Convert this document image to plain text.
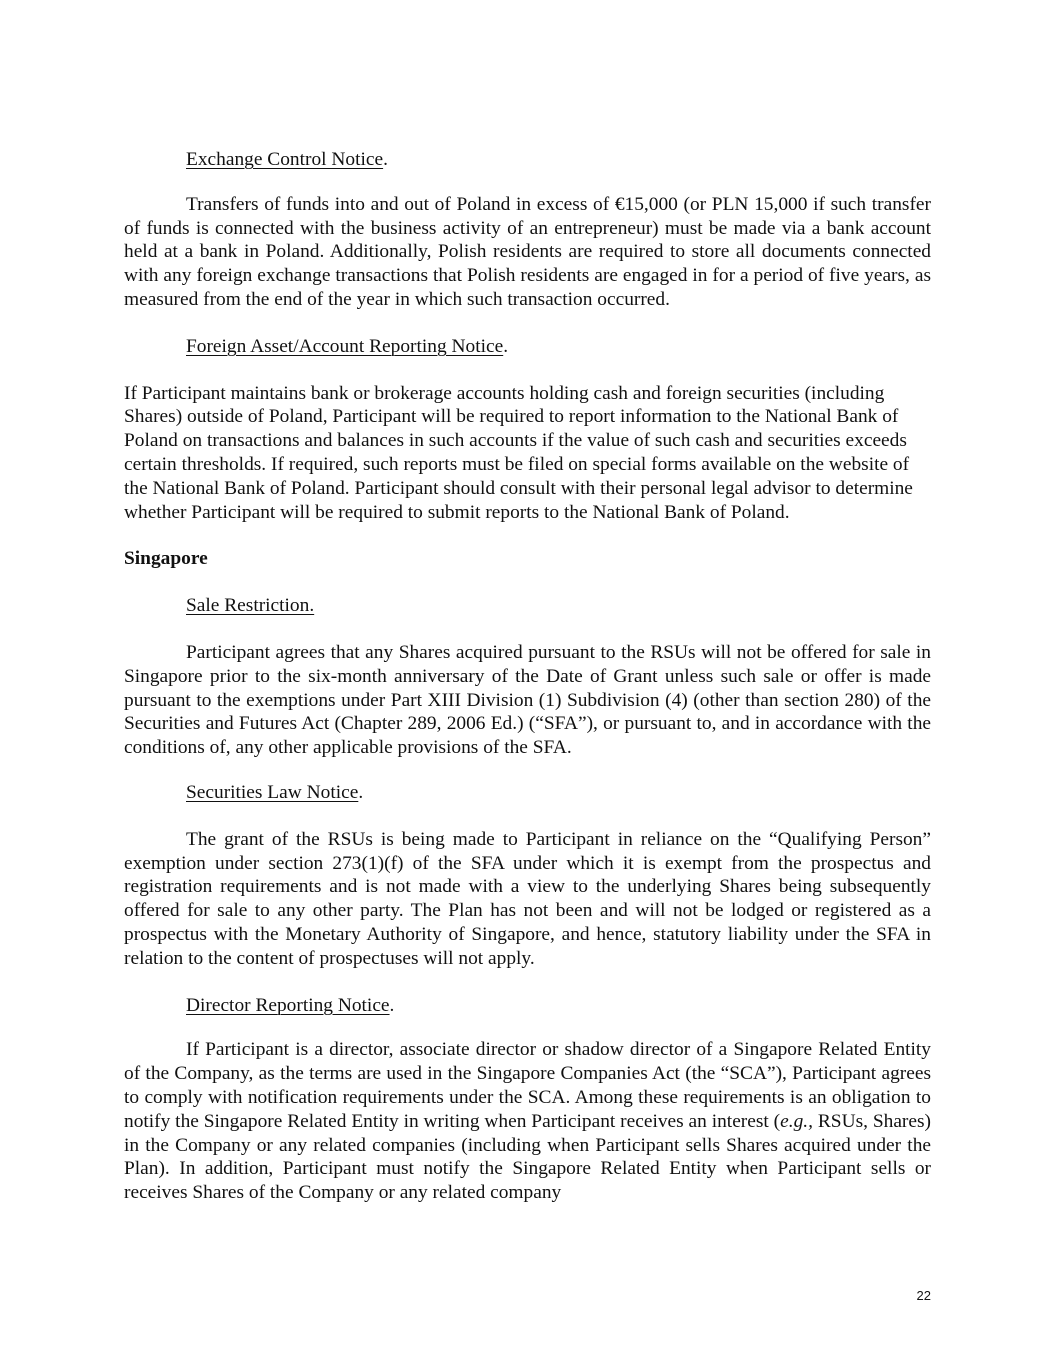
Exchange Control Notice.

Transfers of funds into and out of Poland in excess of €15,000 (or PLN 15,000 if such transfer of funds is connected with the business activity of an entrepreneur) must be made via a bank account held at a bank in Poland. Additionally, Polish residents are required to store all documents connected with any foreign exchange transactions that Polish residents are engaged in for a period of five years, as measured from the end of the year in which such transaction occurred.

Foreign Asset/Account Reporting Notice.

If Participant maintains bank or brokerage accounts holding cash and foreign securities (including Shares) outside of Poland, Participant will be required to report information to the National Bank of Poland on transactions and balances in such accounts if the value of such cash and securities exceeds certain thresholds. If required, such reports must be filed on special forms available on the website of the National Bank of Poland. Participant should consult with their personal legal advisor to determine whether Participant will be required to submit reports to the National Bank of Poland.

Singapore

Sale Restriction.

Participant agrees that any Shares acquired pursuant to the RSUs will not be offered for sale in Singapore prior to the six-month anniversary of the Date of Grant unless such sale or offer is made pursuant to the exemptions under Part XIII Division (1) Subdivision (4) (other than section 280) of the Securities and Futures Act (Chapter 289, 2006 Ed.) (“SFA”), or pursuant to, and in accordance with the conditions of, any other applicable provisions of the SFA.

Securities Law Notice.

The grant of the RSUs is being made to Participant in reliance on the “Qualifying Person” exemption under section 273(1)(f) of the SFA under which it is exempt from the prospectus and registration requirements and is not made with a view to the underlying Shares being subsequently offered for sale to any other party. The Plan has not been and will not be lodged or registered as a prospectus with the Monetary Authority of Singapore, and hence, statutory liability under the SFA in relation to the content of prospectuses will not apply.

Director Reporting Notice.

If Participant is a director, associate director or shadow director of a Singapore Related Entity of the Company, as the terms are used in the Singapore Companies Act (the “SCA”), Participant agrees to comply with notification requirements under the SCA. Among these requirements is an obligation to notify the Singapore Related Entity in writing when Participant receives an interest (e.g., RSUs, Shares) in the Company or any related companies (including when Participant sells Shares acquired under the Plan). In addition, Participant must notify the Singapore Related Entity when Participant sells or receives Shares of the Company or any related company

22
